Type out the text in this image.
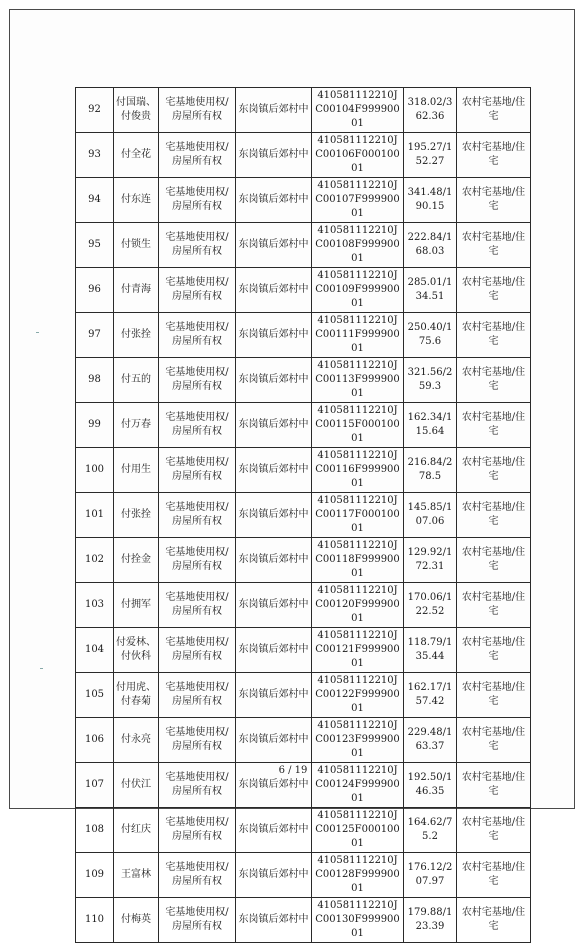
92	付国瑞、付俊贵	宅基地使用权/房屋所有权	东岗镇后郊村中	410581112210JC00104F99990001	318.02/362.36	农村宅基地/住宅
93	付全花	宅基地使用权/房屋所有权	东岗镇后郊村中	410581112210JC00106F00010001	195.27/152.27	农村宅基地/住宅
94	付东连	宅基地使用权/房屋所有权	东岗镇后郊村中	410581112210JC00107F99990001	341.48/190.15	农村宅基地/住宅
95	付锁生	宅基地使用权/房屋所有权	东岗镇后郊村中	410581112210JC00108F99990001	222.84/168.03	农村宅基地/住宅
96	付青海	宅基地使用权/房屋所有权	东岗镇后郊村中	410581112210JC00109F99990001	285.01/134.51	农村宅基地/住宅
97	付张拴	宅基地使用权/房屋所有权	东岗镇后郊村中	410581112210JC00111F99990001	250.40/175.6	农村宅基地/住宅
98	付五的	宅基地使用权/房屋所有权	东岗镇后郊村中	410581112210JC00113F99990001	321.56/259.3	农村宅基地/住宅
99	付万春	宅基地使用权/房屋所有权	东岗镇后郊村中	410581112210JC00115F00010001	162.34/115.64	农村宅基地/住宅
100	付用生	宅基地使用权/房屋所有权	东岗镇后郊村中	410581112210JC00116F99990001	216.84/278.5	农村宅基地/住宅
101	付张拴	宅基地使用权/房屋所有权	东岗镇后郊村中	410581112210JC00117F00010001	145.85/107.06	农村宅基地/住宅
102	付拴金	宅基地使用权/房屋所有权	东岗镇后郊村中	410581112210JC00118F99990001	129.92/172.31	农村宅基地/住宅
103	付拥军	宅基地使用权/房屋所有权	东岗镇后郊村中	410581112210JC00120F99990001	170.06/122.52	农村宅基地/住宅
104	付爱林、付伙科	宅基地使用权/房屋所有权	东岗镇后郊村中	410581112210JC00121F99990001	118.79/135.44	农村宅基地/住宅
105	付用虎、付春菊	宅基地使用权/房屋所有权	东岗镇后郊村中	410581112210JC00122F99990001	162.17/157.42	农村宅基地/住宅
106	付永亮	宅基地使用权/房屋所有权	东岗镇后郊村中	410581112210JC00123F99990001	229.48/163.37	农村宅基地/住宅
107	付伏江	宅基地使用权/房屋所有权	东岗镇后郊村中	410581112210JC00124F99990001	192.50/146.35	农村宅基地/住宅
108	付红庆	宅基地使用权/房屋所有权	东岗镇后郊村中	410581112210JC00125F00010001	164.62/75.2	农村宅基地/住宅
109	王富林	宅基地使用权/房屋所有权	东岗镇后郊村中	410581112210JC00128F99990001	176.12/207.97	农村宅基地/住宅
110	付梅英	宅基地使用权/房屋所有权	东岗镇后郊村中	410581112210JC00130F99990001	179.88/123.39	农村宅基地/住宅
6 / 19
